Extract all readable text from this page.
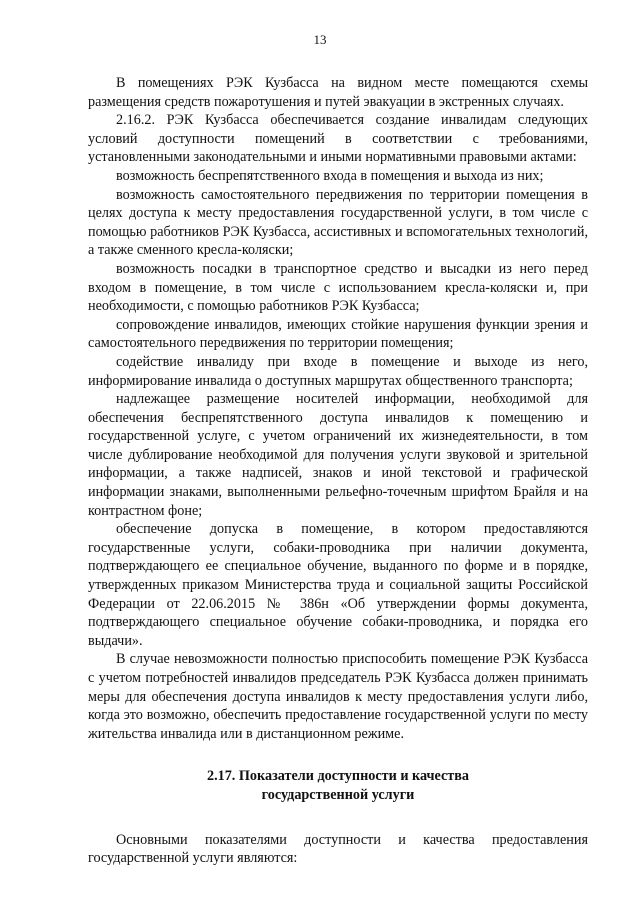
13

В помещениях РЭК Кузбасса на видном месте помещаются схемы размещения средств пожаротушения и путей эвакуации в экстренных случаях.

2.16.2. РЭК Кузбасса обеспечивается создание инвалидам следующих условий доступности помещений в соответствии с требованиями, установленными законодательными и иными нормативными правовыми актами:

возможность беспрепятственного входа в помещения и выхода из них;

возможность самостоятельного передвижения по территории помещения в целях доступа к месту предоставления государственной услуги, в том числе с помощью работников РЭК Кузбасса, ассистивных и вспомогательных технологий, а также сменного кресла-коляски;

возможность посадки в транспортное средство и высадки из него перед входом в помещение, в том числе с использованием кресла-коляски и, при необходимости, с помощью работников РЭК Кузбасса;

сопровождение инвалидов, имеющих стойкие нарушения функции зрения и самостоятельного передвижения по территории помещения;

содействие инвалиду при входе в помещение и выходе из него, информирование инвалида о доступных маршрутах общественного транспорта;

надлежащее размещение носителей информации, необходимой для обеспечения беспрепятственного доступа инвалидов к помещению и государственной услуге, с учетом ограничений их жизнедеятельности, в том числе дублирование необходимой для получения услуги звуковой и зрительной информации, а также надписей, знаков и иной текстовой и графической информации знаками, выполненными рельефно-точечным шрифтом Брайля и на контрастном фоне;

обеспечение допуска в помещение, в котором предоставляются государственные услуги, собаки-проводника при наличии документа, подтверждающего ее специальное обучение, выданного по форме и в порядке, утвержденных приказом Министерства труда и социальной защиты Российской Федерации от 22.06.2015 № 386н «Об утверждении формы документа, подтверждающего специальное обучение собаки-проводника, и порядка его выдачи».

В случае невозможности полностью приспособить помещение РЭК Кузбасса с учетом потребностей инвалидов председатель РЭК Кузбасса должен принимать меры для обеспечения доступа инвалидов к месту предоставления услуги либо, когда это возможно, обеспечить предоставление государственной услуги по месту жительства инвалида или в дистанционном режиме.

2.17. Показатели доступности и качества
государственной услуги

Основными показателями доступности и качества предоставления государственной услуги являются:
